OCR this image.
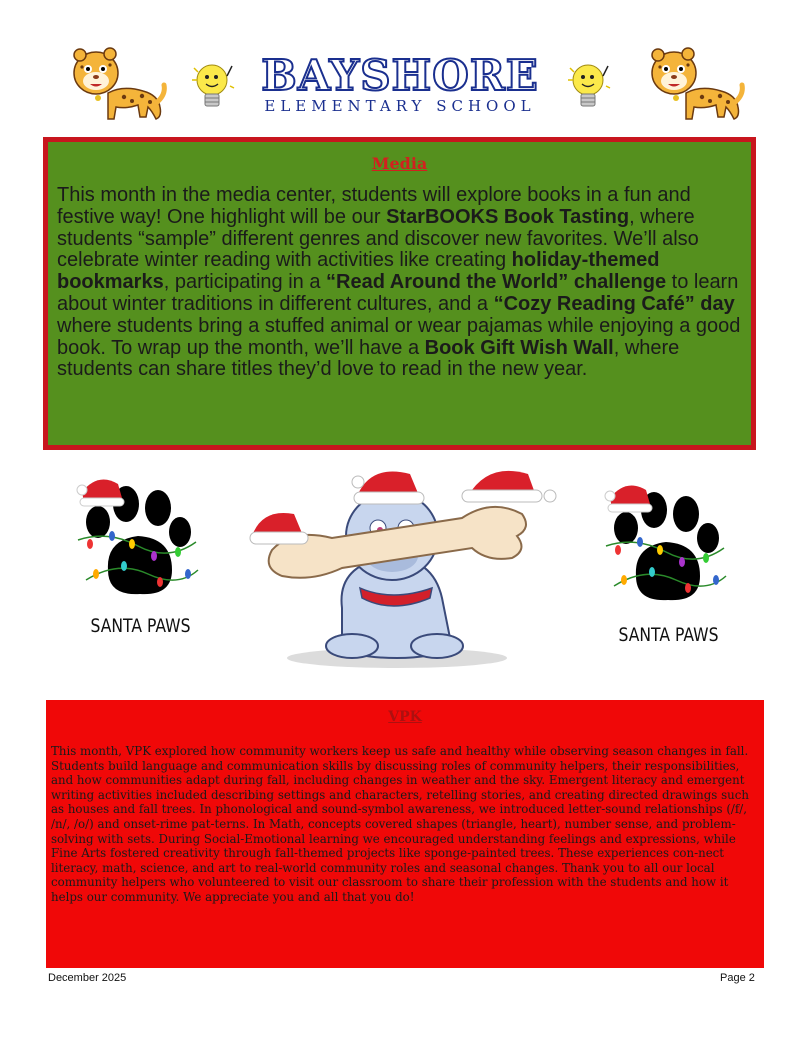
BAYSHORE
ELEMENTARY SCHOOL
Media
This month in the media center, students will explore books in a fun and festive way! One highlight will be our StarBOOKS Book Tasting, where students “sample” different genres and discover new favorites. We’ll also celebrate winter reading with activities like creating holiday-themed bookmarks, participating in a “Read Around the World” challenge to learn about winter traditions in different cultures, and a “Cozy Reading Café” day where students bring a stuffed animal or wear pajamas while enjoying a good book. To wrap up the month, we’ll have a Book Gift Wish Wall, where students can share titles they’d love to read in the new year.
SANTA PAWS	SANTA PAWS
VPK
This month, VPK explored how community workers keep us safe and healthy while observing season changes in fall. Students build language and communication skills by discussing roles of community helpers, their responsibilities, and how communities adapt during fall, including changes in weather and the sky. Emergent literacy and emergent writing activities included describing settings and characters, retelling stories, and creating directed drawings such as houses and fall trees. In phonological and sound-symbol awareness, we introduced letter-sound relationships (/f/, /n/, /o/) and onset-rime pat-terns. In Math, concepts covered shapes (triangle, heart), number sense, and problem-solving with sets. During Social-Emotional learning we encouraged understanding feelings and expressions, while Fine Arts fostered creativity through fall-themed projects like sponge-painted trees. These experiences con-nect literacy, math, science, and art to real-world community roles and seasonal changes. Thank you to all our local community helpers who volunteered to visit our classroom to share their profession with the students and how it helps our community. We appreciate you and all that you do!
December 2025	Page 2
